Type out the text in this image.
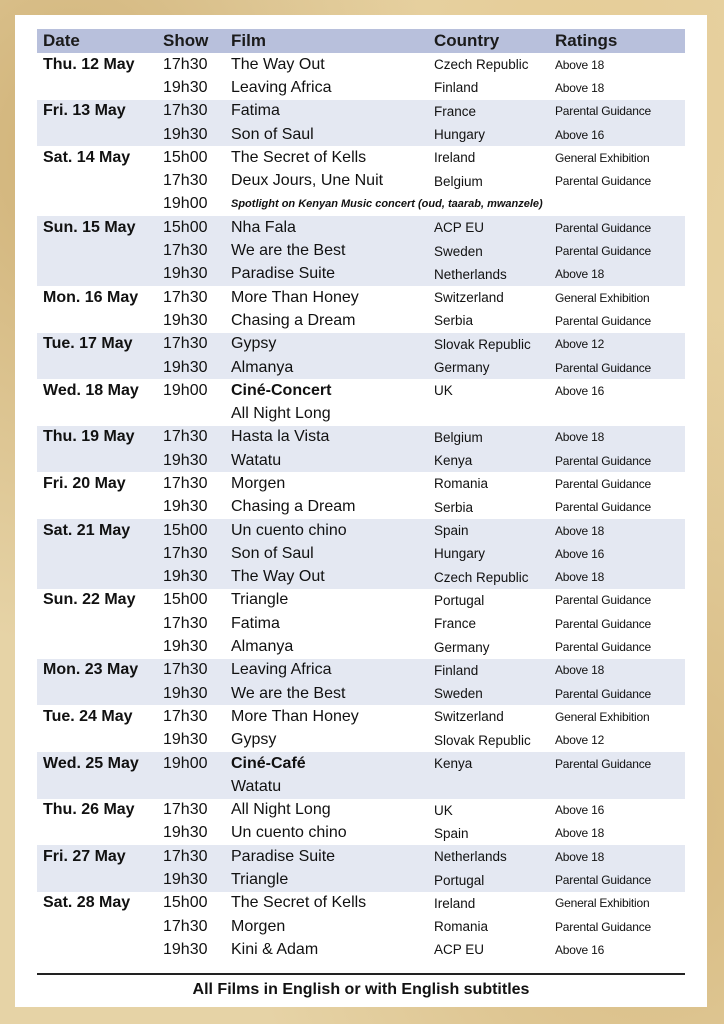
Date	Show	Film	Country	Ratings
Thu. 12 May	17h30	The Way Out	Czech Republic	Above 18
	19h30	Leaving Africa	Finland	Above 18
Fri. 13 May	17h30	Fatima	France	Parental Guidance
	19h30	Son of Saul	Hungary	Above 16
Sat. 14 May	15h00	The Secret of Kells	Ireland	General Exhibition
	17h30	Deux Jours, Une Nuit	Belgium	Parental Guidance
	19h00	Spotlight on Kenyan Music concert (oud, taarab, mwanzele)		
Sun. 15 May	15h00	Nha Fala	ACP EU	Parental Guidance
	17h30	We are the Best	Sweden	Parental Guidance
	19h30	Paradise Suite	Netherlands	Above 18
Mon. 16 May	17h30	More Than Honey	Switzerland	General Exhibition
	19h30	Chasing a Dream	Serbia	Parental Guidance
Tue. 17 May	17h30	Gypsy	Slovak Republic	Above 12
	19h30	Almanya	Germany	Parental Guidance
Wed. 18 May	19h00	Ciné-Concert	UK	Above 16
		All Night Long		
Thu. 19 May	17h30	Hasta la Vista	Belgium	Above 18
	19h30	Watatu	Kenya	Parental Guidance
Fri. 20 May	17h30	Morgen	Romania	Parental Guidance
	19h30	Chasing a Dream	Serbia	Parental Guidance
Sat. 21 May	15h00	Un cuento chino	Spain	Above 18
	17h30	Son of Saul	Hungary	Above 16
	19h30	The Way Out	Czech Republic	Above 18
Sun. 22 May	15h00	Triangle	Portugal	Parental Guidance
	17h30	Fatima	France	Parental Guidance
	19h30	Almanya	Germany	Parental Guidance
Mon. 23 May	17h30	Leaving Africa	Finland	Above 18
	19h30	We are the Best	Sweden	Parental Guidance
Tue. 24 May	17h30	More Than Honey	Switzerland	General Exhibition
	19h30	Gypsy	Slovak Republic	Above 12
Wed. 25 May	19h00	Ciné-Café	Kenya	Parental Guidance
		Watatu		
Thu. 26 May	17h30	All Night Long	UK	Above 16
	19h30	Un cuento chino	Spain	Above 18
Fri. 27 May	17h30	Paradise Suite	Netherlands	Above 18
	19h30	Triangle	Portugal	Parental Guidance
Sat. 28 May	15h00	The Secret of Kells	Ireland	General Exhibition
	17h30	Morgen	Romania	Parental Guidance
	19h30	Kini & Adam	ACP EU	Above 16
All Films in English or with English subtitles
